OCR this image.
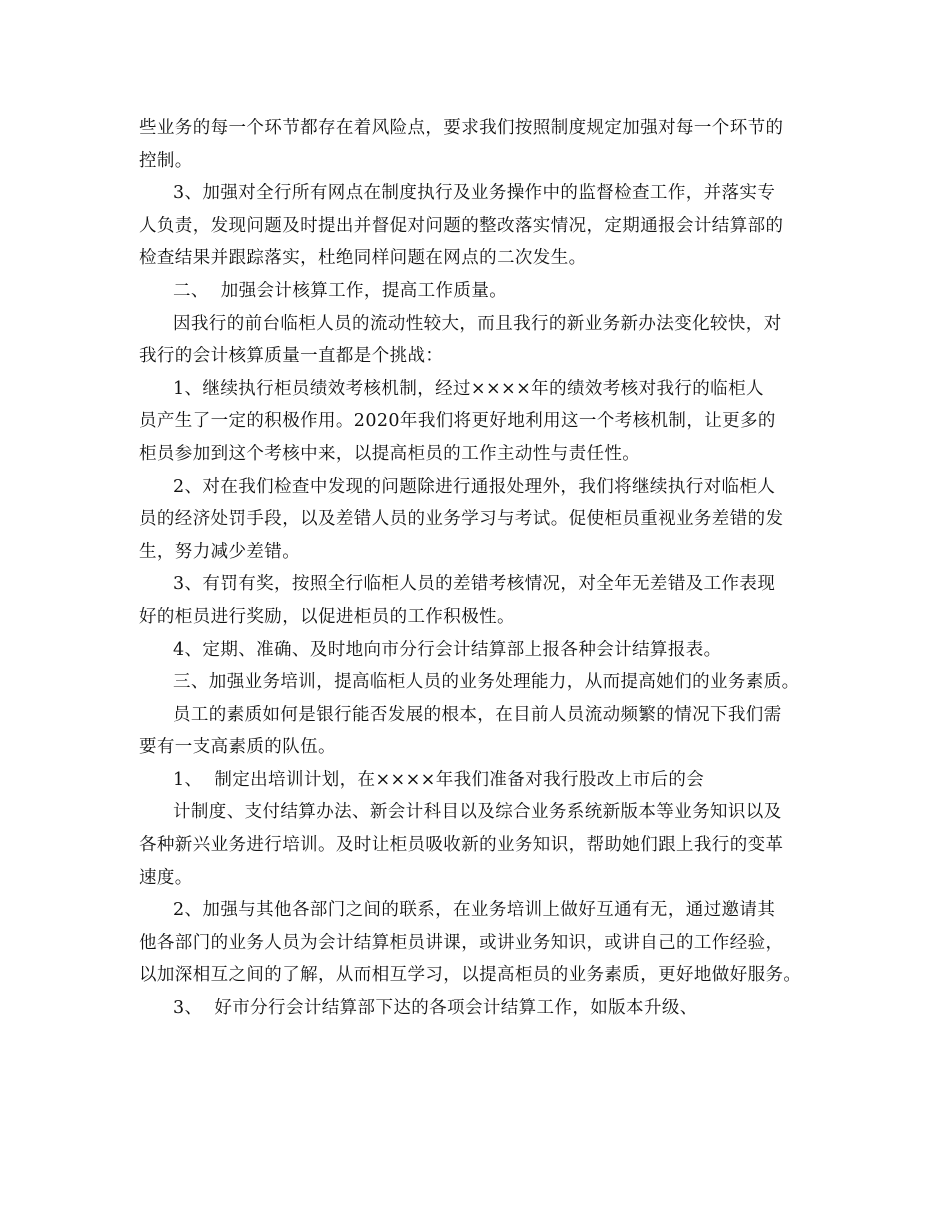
些业务的每一个环节都存在着风险点，要求我们按照制度规定加强对每一个环节的
控制。
3、加强对全行所有网点在制度执行及业务操作中的监督检查工作，并落实专
人负责，发现问题及时提出并督促对问题的整改落实情况，定期通报会计结算部的
检查结果并跟踪落实，杜绝同样问题在网点的二次发生。
二、  加强会计核算工作，提高工作质量。
因我行的前台临柜人员的流动性较大，而且我行的新业务新办法变化较快，对
我行的会计核算质量一直都是个挑战：
1、继续执行柜员绩效考核机制，经过××××年的绩效考核对我行的临柜人
员产生了一定的积极作用。2020年我们将更好地利用这一个考核机制，让更多的
柜员参加到这个考核中来，以提高柜员的工作主动性与责任性。
2、对在我们检查中发现的问题除进行通报处理外，我们将继续执行对临柜人
员的经济处罚手段，以及差错人员的业务学习与考试。促使柜员重视业务差错的发
生，努力减少差错。
3、有罚有奖，按照全行临柜人员的差错考核情况，对全年无差错及工作表现
好的柜员进行奖励，以促进柜员的工作积极性。
4、定期、准确、及时地向市分行会计结算部上报各种会计结算报表。
三、加强业务培训，提高临柜人员的业务处理能力，从而提高她们的业务素质。
员工的素质如何是银行能否发展的根本，在目前人员流动频繁的情况下我们需
要有一支高素质的队伍。
1、  制定出培训计划，在××××年我们准备对我行股改上市后的会
计制度、支付结算办法、新会计科目以及综合业务系统新版本等业务知识以及
各种新兴业务进行培训。及时让柜员吸收新的业务知识，帮助她们跟上我行的变革
速度。
2、加强与其他各部门之间的联系，在业务培训上做好互通有无，通过邀请其
他各部门的业务人员为会计结算柜员讲课，或讲业务知识，或讲自己的工作经验，
以加深相互之间的了解，从而相互学习，以提高柜员的业务素质，更好地做好服务。
3、  好市分行会计结算部下达的各项会计结算工作，如版本升级、
